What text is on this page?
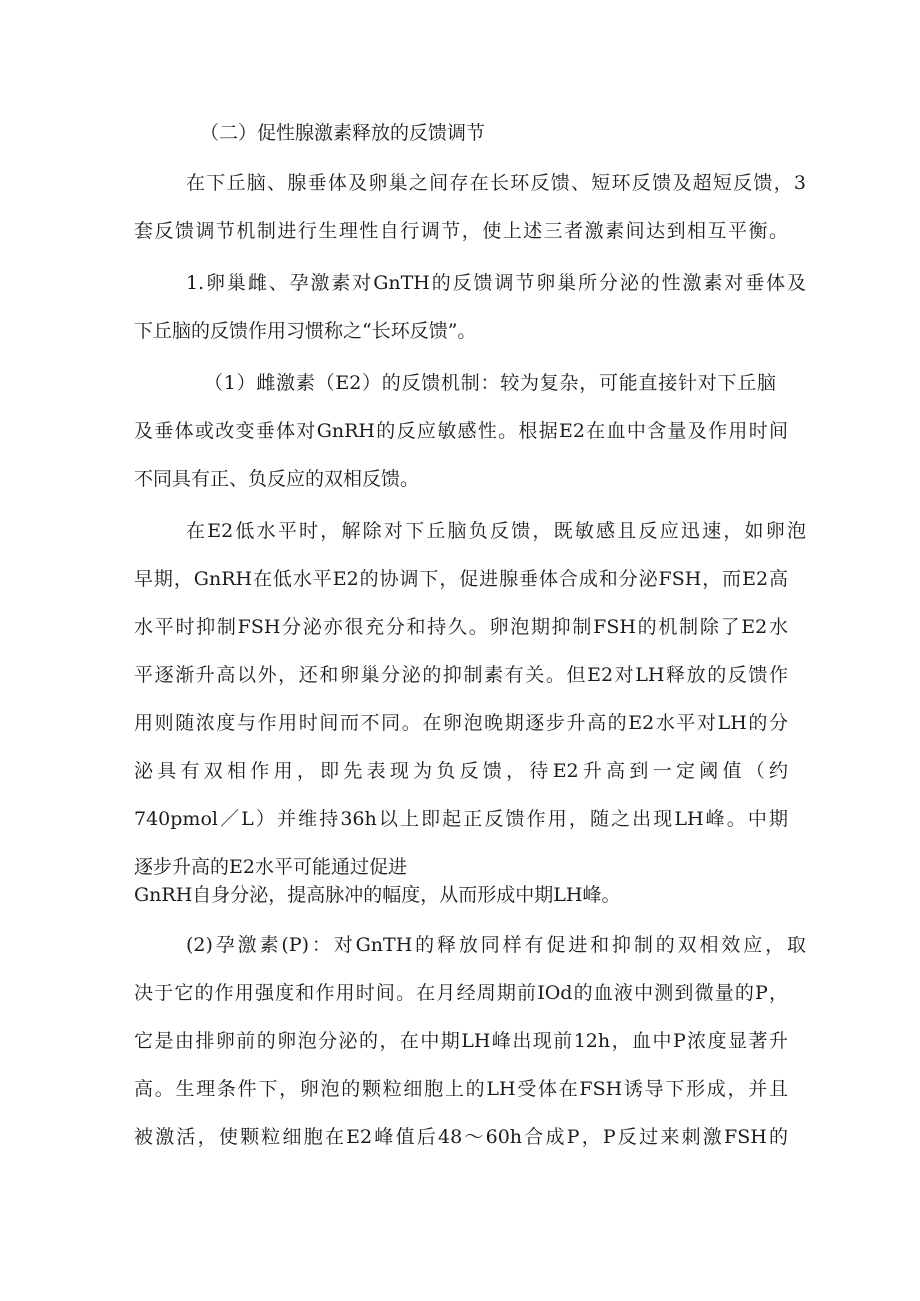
（二）促性腺激素释放的反馈调节

在下丘脑、腺垂体及卵巢之间存在长环反馈、短环反馈及超短反馈，3

套反馈调节机制进行生理性自行调节，使上述三者激素间达到相互平衡。

1.卵巢雌、孕激素对GnTH的反馈调节卵巢所分泌的性激素对垂体及

下丘脑的反馈作用习惯称之“长环反馈”。

（1）雌激素（E2）的反馈机制：较为复杂，可能直接针对下丘脑

及垂体或改变垂体对GnRH的反应敏感性。根据E2在血中含量及作用时间

不同具有正、负反应的双相反馈。

在E2低水平时，解除对下丘脑负反馈，既敏感且反应迅速，如卵泡

早期，GnRH在低水平E2的协调下，促进腺垂体合成和分泌FSH，而E2高

水平时抑制FSH分泌亦很充分和持久。卵泡期抑制FSH的机制除了E2水

平逐渐升高以外，还和卵巢分泌的抑制素有关。但E2对LH释放的反馈作

用则随浓度与作用时间而不同。在卵泡晚期逐步升高的E2水平对LH的分

泌具有双相作用，即先表现为负反馈，待E2升高到一定阈值（约

740pmol／L）并维持36h以上即起正反馈作用，随之出现LH峰。中期

逐步升高的E2水平可能通过促进

GnRH自身分泌，提高脉冲的幅度，从而形成中期LH峰。

(2)孕激素(P)：对GnTH的释放同样有促进和抑制的双相效应，取

决于它的作用强度和作用时间。在月经周期前IOd的血液中测到微量的P，

它是由排卵前的卵泡分泌的，在中期LH峰出现前12h，血中P浓度显著升

高。生理条件下，卵泡的颗粒细胞上的LH受体在FSH诱导下形成，并且

被激活，使颗粒细胞在E2峰值后48～60h合成P，P反过来刺激FSH的
